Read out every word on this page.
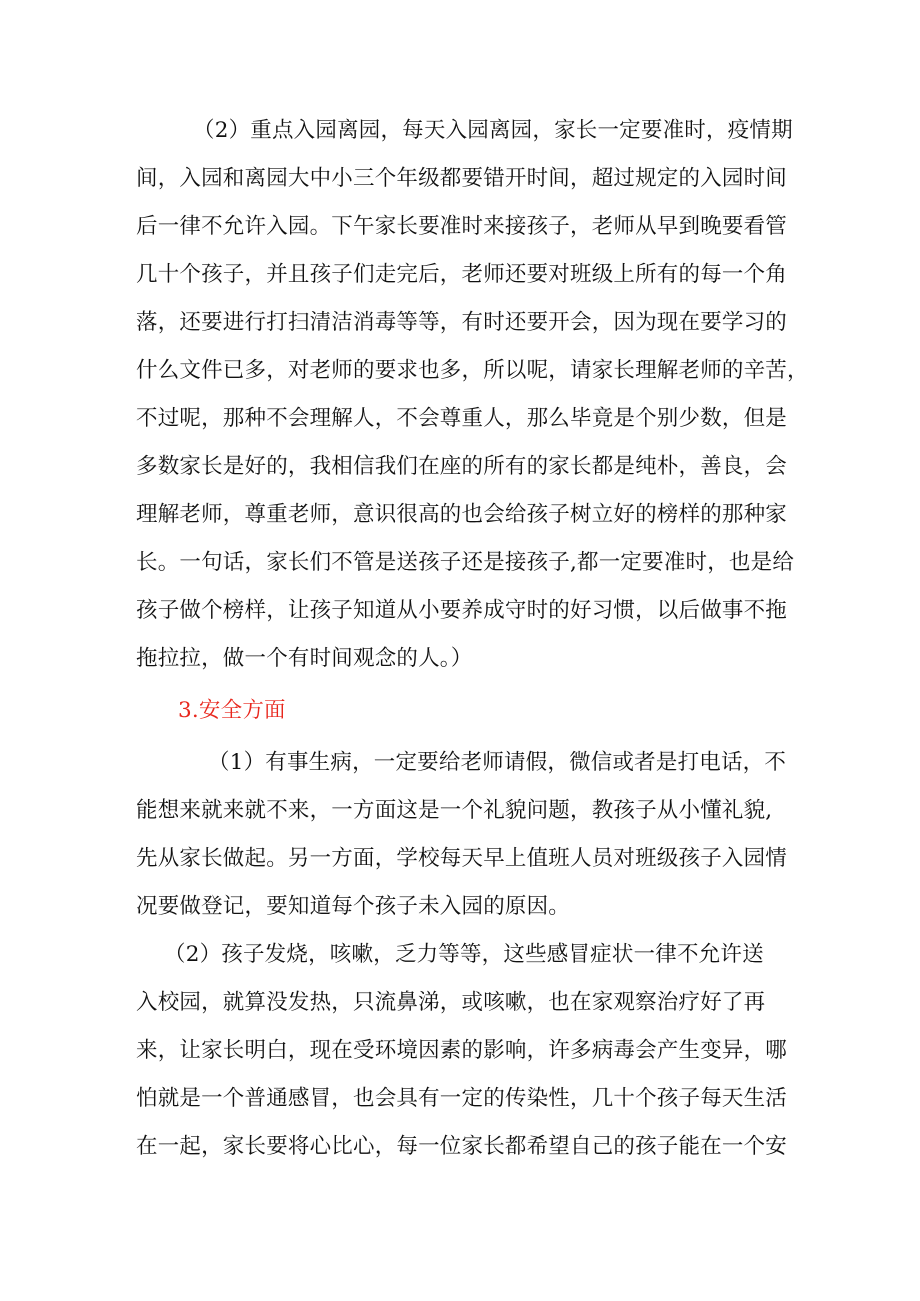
（2）重点入园离园，每天入园离园，家长一定要准时，疫情期
间，入园和离园大中小三个年级都要错开时间，超过规定的入园时间
后一律不允许入园。下午家长要准时来接孩子，老师从早到晚要看管
几十个孩子，并且孩子们走完后，老师还要对班级上所有的每一个角
落，还要进行打扫清洁消毒等等，有时还要开会，因为现在要学习的
什么文件已多，对老师的要求也多，所以呢，请家长理解老师的辛苦，
不过呢，那种不会理解人，不会尊重人，那么毕竟是个别少数，但是
多数家长是好的，我相信我们在座的所有的家长都是纯朴，善良，会
理解老师，尊重老师，意识很高的也会给孩子树立好的榜样的那种家
长。一句话，家长们不管是送孩子还是接孩子,都一定要准时，也是给
孩子做个榜样，让孩子知道从小要养成守时的好习惯，以后做事不拖
拖拉拉，做一个有时间观念的人。）
3.安全方面
（1）有事生病，一定要给老师请假，微信或者是打电话，不
能想来就来就不来，一方面这是一个礼貌问题，教孩子从小懂礼貌,
先从家长做起。另一方面，学校每天早上值班人员对班级孩子入园情
况要做登记，要知道每个孩子未入园的原因。
（2）孩子发烧，咳嗽，乏力等等，这些感冒症状一律不允许送
入校园，就算没发热，只流鼻涕，或咳嗽，也在家观察治疗好了再
来，让家长明白，现在受环境因素的影响，许多病毒会产生变异，哪
怕就是一个普通感冒，也会具有一定的传染性，几十个孩子每天生活
在一起，家长要将心比心，每一位家长都希望自己的孩子能在一个安
